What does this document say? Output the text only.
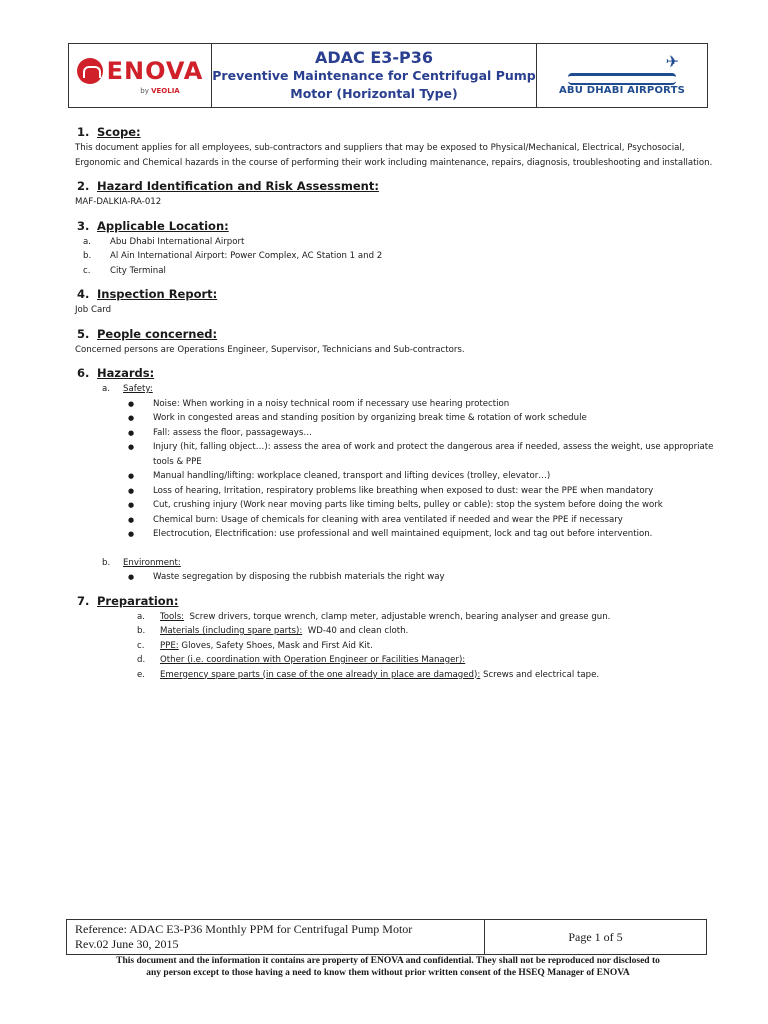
ENOVA
by VEOLIA
ADAC E3-P36
Preventive Maintenance for Centrifugal Pump
Motor (Horizontal Type)
✈
ABU DHABI AIRPORTS
1. Scope:
This document applies for all employees, sub-contractors and suppliers that may be exposed to Physical/Mechanical, Electrical, Psychosocial, Ergonomic and Chemical hazards in the course of performing their work including maintenance, repairs, diagnosis, troubleshooting and installation.
2. Hazard Identification and Risk Assessment:
MAF-DALKIA-RA-012
3. Applicable Location:
a.	Abu Dhabi International Airport
b.	Al Ain International Airport: Power Complex, AC Station 1 and 2
c.	City Terminal
4. Inspection Report:
Job Card
5. People concerned:
Concerned persons are Operations Engineer, Supervisor, Technicians and Sub-contractors.
6. Hazards:
a.	Safety:
●	Noise: When working in a noisy technical room if necessary use hearing protection
●	Work in congested areas and standing position by organizing break time & rotation of work schedule
●	Fall: assess the floor, passageways…
●	Injury (hit, falling object…): assess the area of work and protect the dangerous area if needed, assess the weight, use appropriate tools & PPE
●	Manual handling/lifting: workplace cleaned, transport and lifting devices (trolley, elevator…)
●	Loss of hearing, Irritation, respiratory problems like breathing when exposed to dust: wear the PPE when mandatory
●	Cut, crushing injury (Work near moving parts like timing belts, pulley or cable): stop the system before doing the work
●	Chemical burn: Usage of chemicals for cleaning with area ventilated if needed and wear the PPE if necessary
●	Electrocution, Electrification: use professional and well maintained equipment, lock and tag out before intervention.
b.	Environment:
●	Waste segregation by disposing the rubbish materials the right way
7. Preparation:
a.	Tools:  Screw drivers, torque wrench, clamp meter, adjustable wrench, bearing analyser and grease gun.
b.	Materials (including spare parts):  WD-40 and clean cloth.
c.	PPE: Gloves, Safety Shoes, Mask and First Aid Kit.
d.	Other (i.e. coordination with Operation Engineer or Facilities Manager):
e.	Emergency spare parts (in case of the one already in place are damaged): Screws and electrical tape.
Reference: ADAC E3-P36 Monthly PPM for Centrifugal Pump Motor
Rev.02 June 30, 2015
Page 1 of 5
This document and the information it contains are property of ENOVA and confidential. They shall not be reproduced nor disclosed to
any person except to those having a need to know them without prior written consent of the HSEQ Manager of ENOVA
